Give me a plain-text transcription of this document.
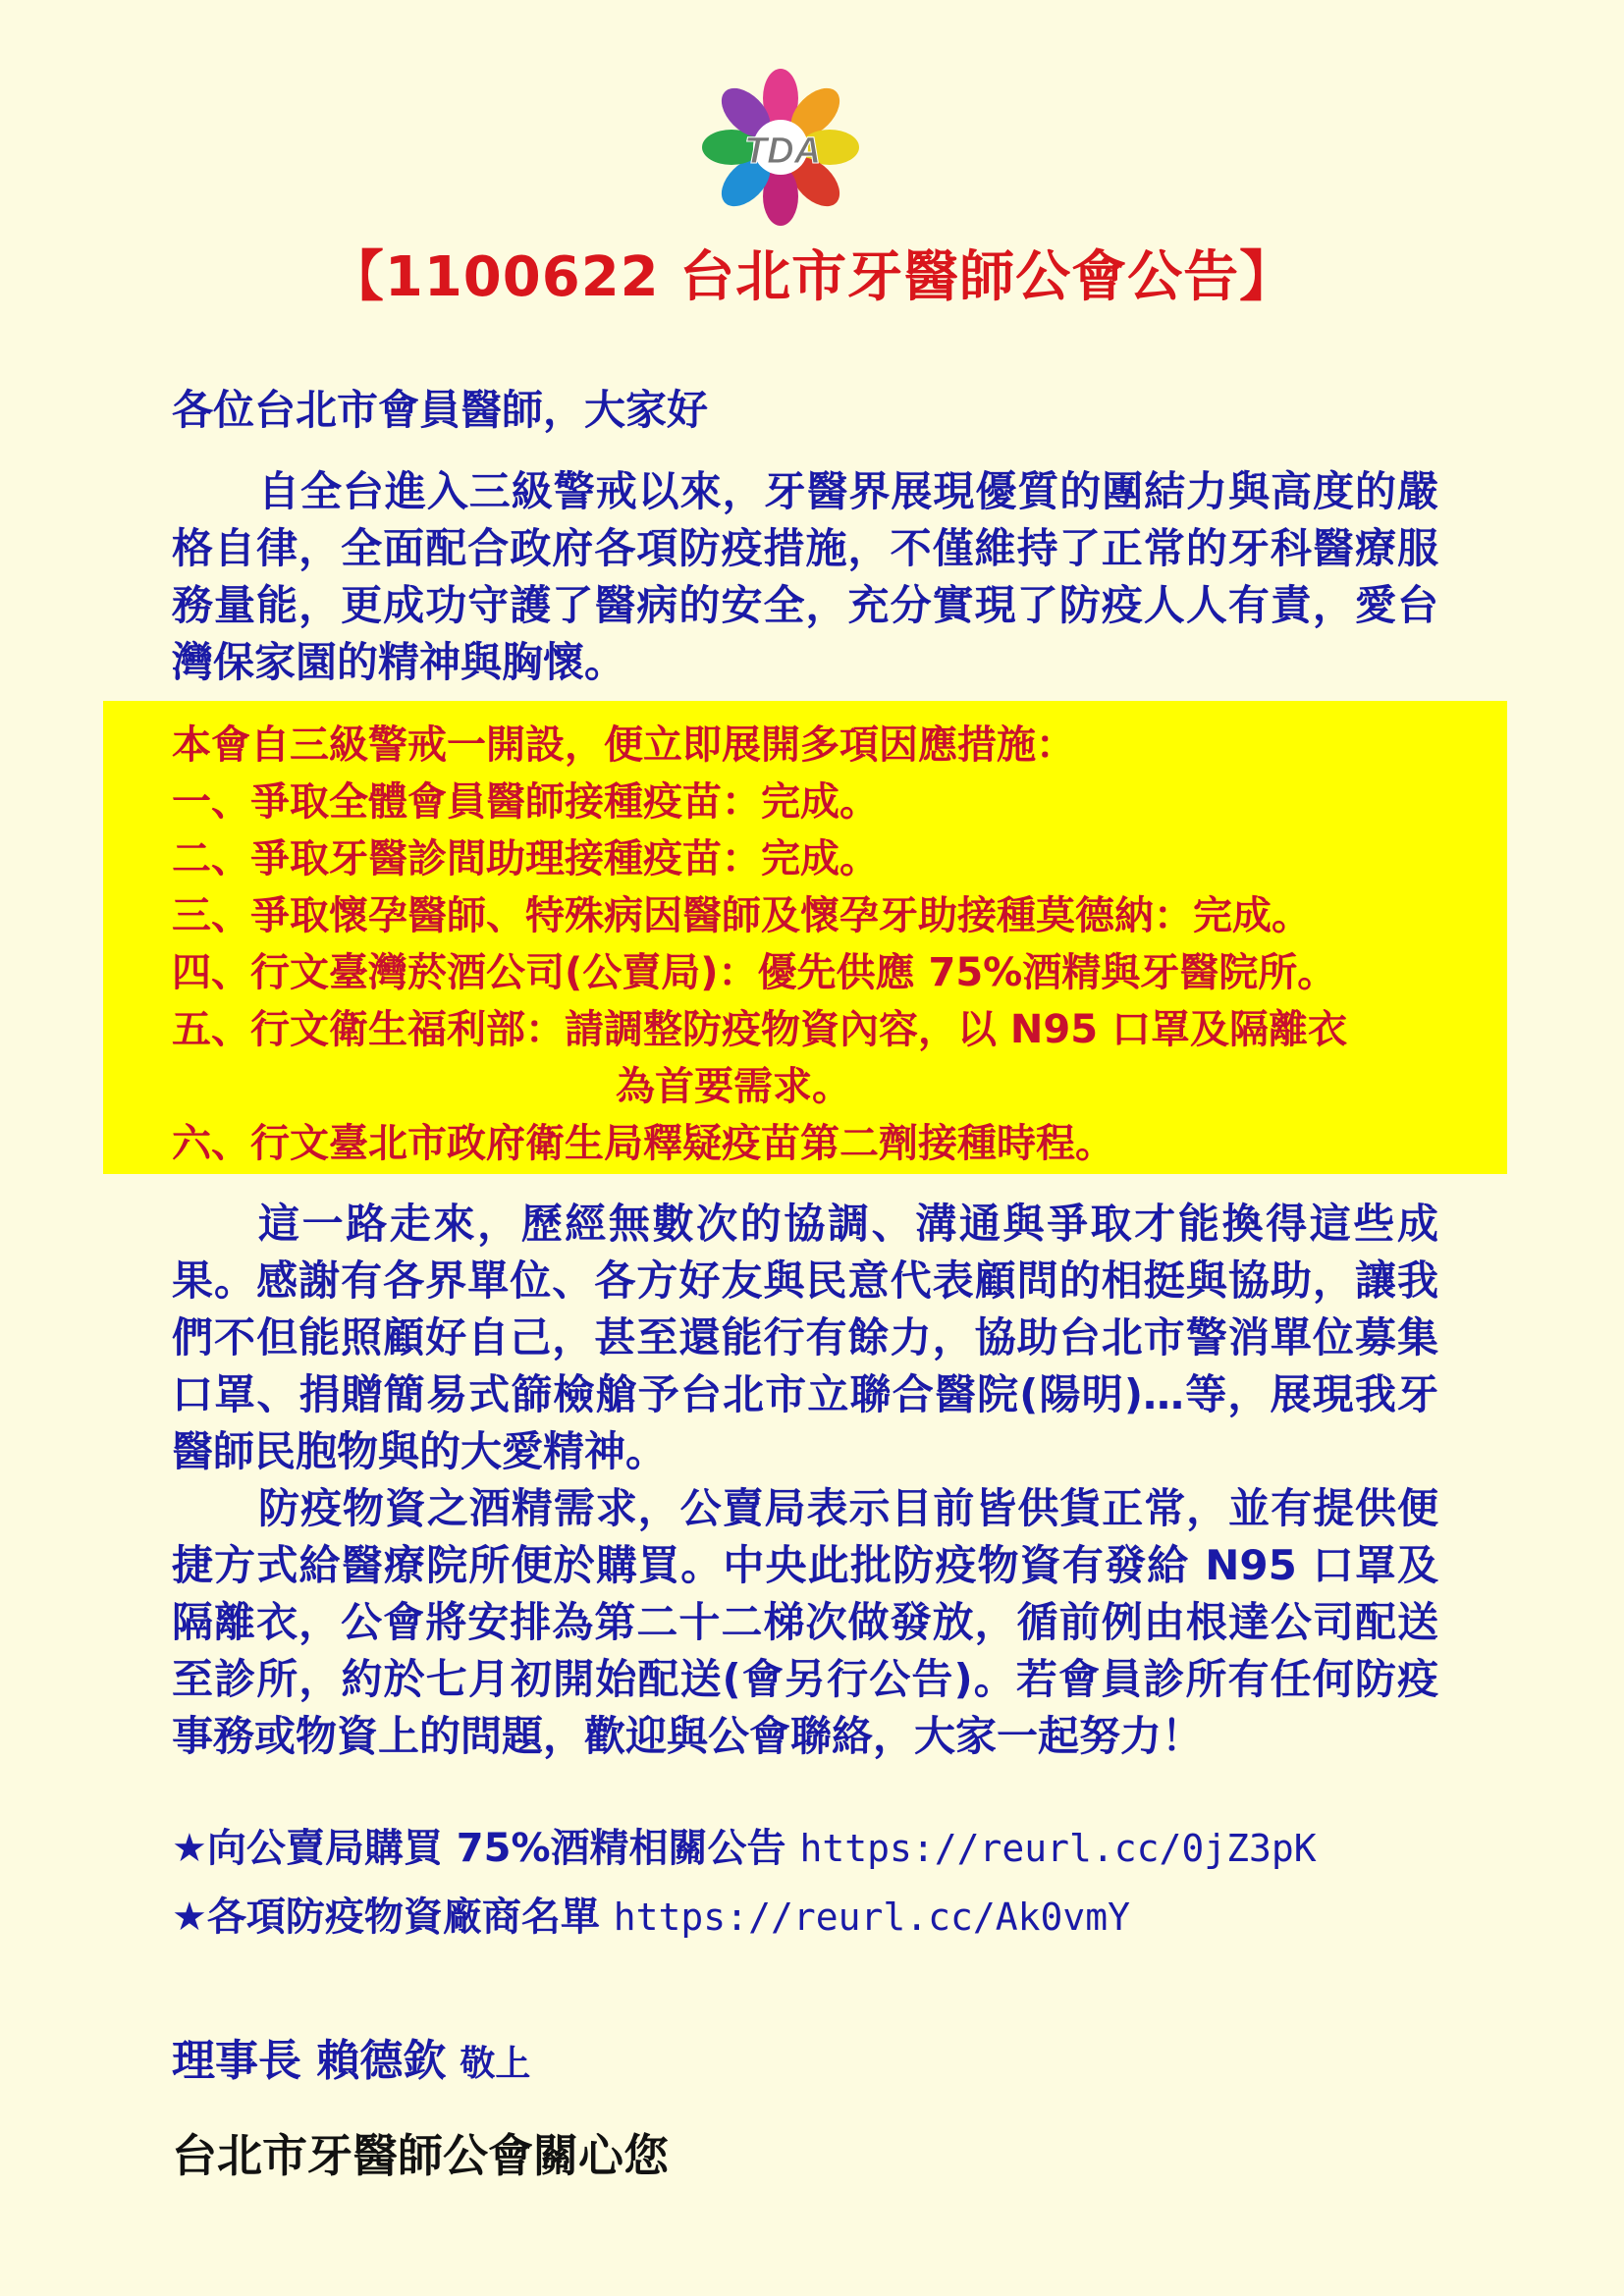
TDA
【1100622 台北市牙醫師公會公告】
各位台北市會員醫師，大家好

自全台進入三級警戒以來，牙醫界展現優質的團結力與高度的嚴格自律，全面配合政府各項防疫措施，不僅維持了正常的牙科醫療服務量能，更成功守護了醫病的安全，充分實現了防疫人人有責，愛台灣保家園的精神與胸懷。

本會自三級警戒一開設，便立即展開多項因應措施：
一、爭取全體會員醫師接種疫苗：完成。
二、爭取牙醫診間助理接種疫苗：完成。
三、爭取懷孕醫師、特殊病因醫師及懷孕牙助接種莫德納：完成。
四、行文臺灣菸酒公司(公賣局)：優先供應 75%酒精與牙醫院所。
五、行文衛生福利部：請調整防疫物資內容，以 N95 口罩及隔離衣
為首要需求。
六、行文臺北市政府衛生局釋疑疫苗第二劑接種時程。

這一路走來，歷經無數次的協調、溝通與爭取才能換得這些成果。感謝有各界單位、各方好友與民意代表顧問的相挺與協助，讓我們不但能照顧好自己，甚至還能行有餘力，協助台北市警消單位募集口罩、捐贈簡易式篩檢艙予台北市立聯合醫院(陽明)…等，展現我牙醫師民胞物與的大愛精神。

防疫物資之酒精需求，公賣局表示目前皆供貨正常，並有提供便捷方式給醫療院所便於購買。中央此批防疫物資有發給 N95 口罩及隔離衣，公會將安排為第二十二梯次做發放，循前例由根達公司配送至診所，約於七月初開始配送(會另行公告)。若會員診所有任何防疫事務或物資上的問題，歡迎與公會聯絡，大家一起努力！

★向公賣局購買 75%酒精相關公告 https://reurl.cc/0jZ3pK
★各項防疫物資廠商名單 https://reurl.cc/Ak0vmY
理事長 賴德欽 敬上
台北市牙醫師公會關心您
